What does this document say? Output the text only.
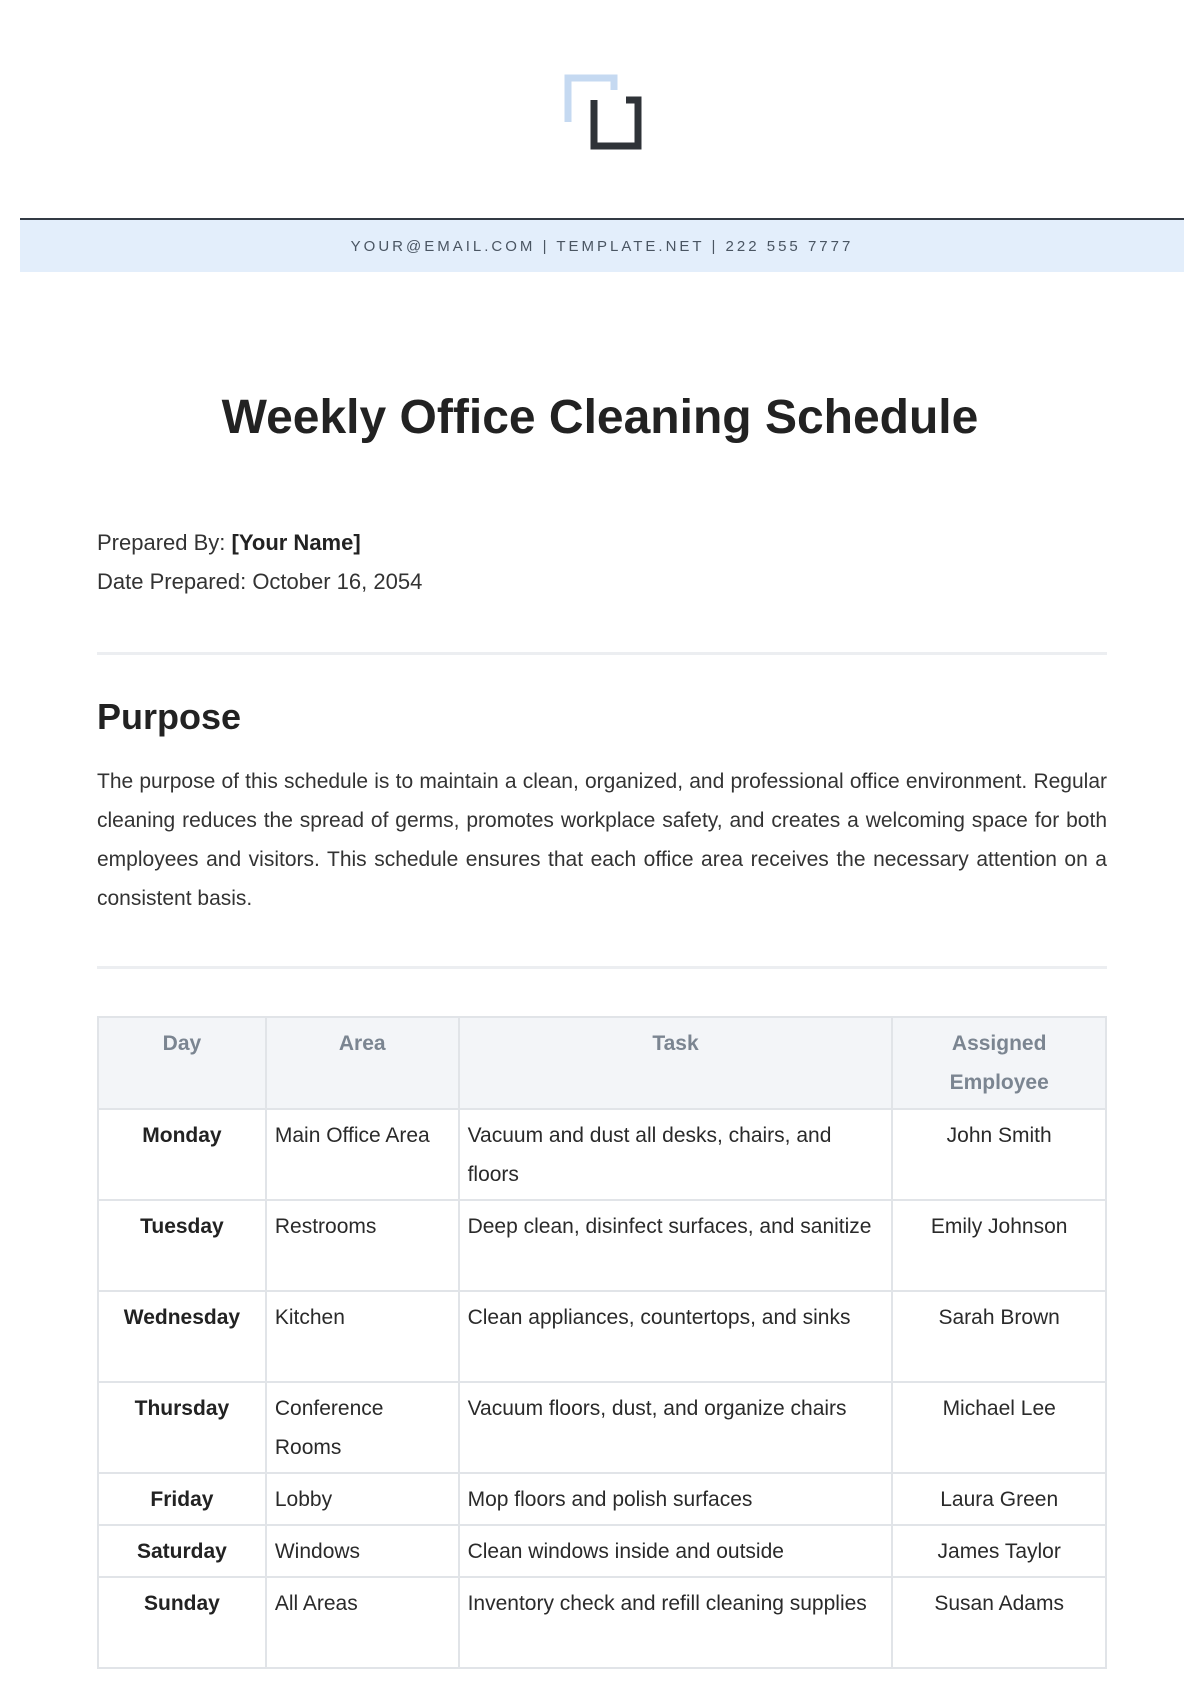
YOUR@EMAIL.COM | TEMPLATE.NET | 222 555 7777
Weekly Office Cleaning Schedule
Prepared By: [Your Name]
Date Prepared: October 16, 2054
Purpose

The purpose of this schedule is to maintain a clean, organized, and professional office environment. Regular cleaning reduces the spread of germs, promotes workplace safety, and creates a welcoming space for both employees and visitors. This schedule ensures that each office area receives the necessary attention on a consistent basis.

Day	Area	Task	Assigned Employee
Monday	Main Office Area	Vacuum and dust all desks, chairs, and floors	John Smith
Tuesday	Restrooms	Deep clean, disinfect surfaces, and sanitize	Emily Johnson
Wednesday	Kitchen	Clean appliances, countertops, and sinks	Sarah Brown
Thursday	Conference Rooms	Vacuum floors, dust, and organize chairs	Michael Lee
Friday	Lobby	Mop floors and polish surfaces	Laura Green
Saturday	Windows	Clean windows inside and outside	James Taylor
Sunday	All Areas	Inventory check and refill cleaning supplies	Susan Adams
